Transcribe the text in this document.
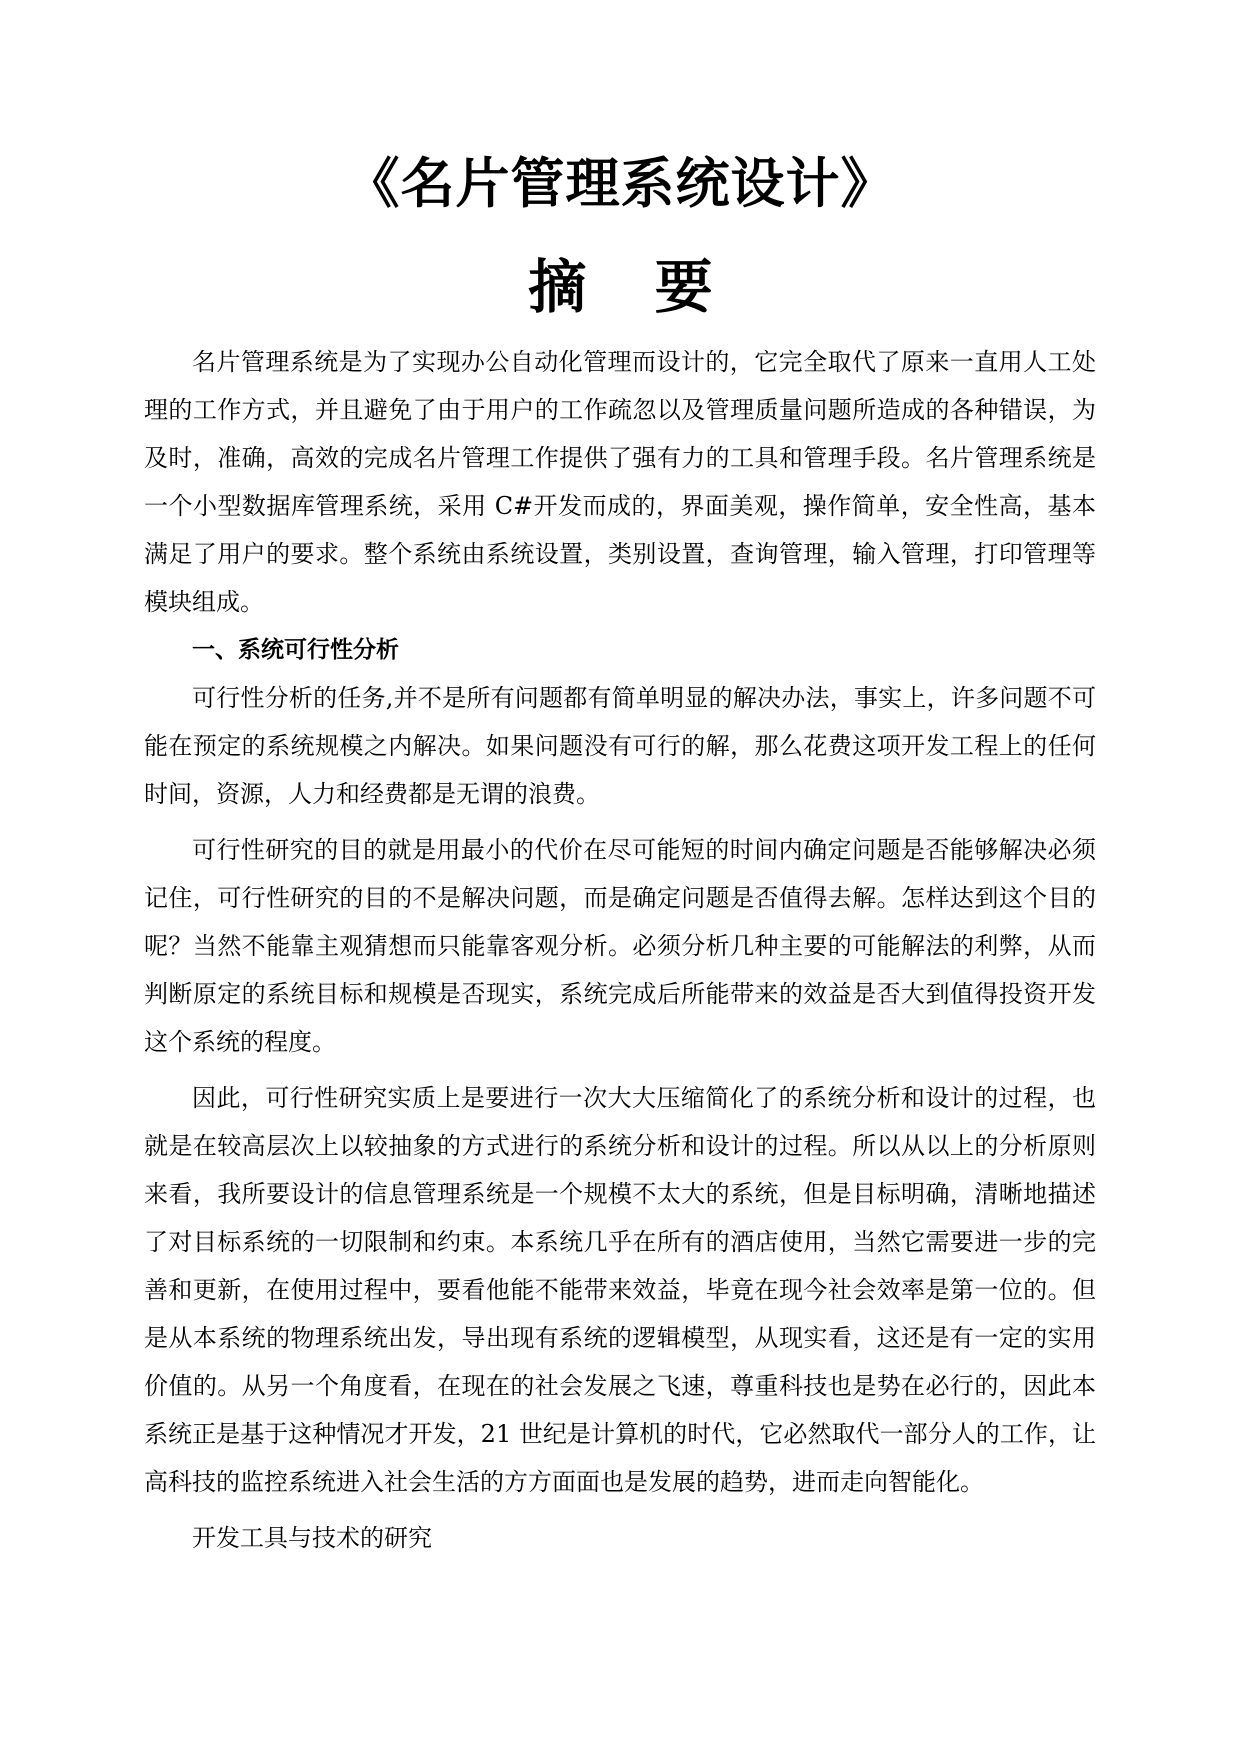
《名片管理系统设计》
摘 要

名片管理系统是为了实现办公自动化管理而设计的，它完全取代了原来一直用人工处理的工作方式，并且避免了由于用户的工作疏忽以及管理质量问题所造成的各种错误，为及时，准确，高效的完成名片管理工作提供了强有力的工具和管理手段。名片管理系统是一个小型数据库管理系统，采用 C#开发而成的，界面美观，操作简单，安全性高，基本满足了用户的要求。整个系统由系统设置，类别设置，查询管理，输入管理，打印管理等模块组成。

一、系统可行性分析

可行性分析的任务,并不是所有问题都有简单明显的解决办法，事实上，许多问题不可能在预定的系统规模之内解决。如果问题没有可行的解，那么花费这项开发工程上的任何时间，资源，人力和经费都是无谓的浪费。

可行性研究的目的就是用最小的代价在尽可能短的时间内确定问题是否能够解决必须记住，可行性研究的目的不是解决问题，而是确定问题是否值得去解。怎样达到这个目的呢？当然不能靠主观猜想而只能靠客观分析。必须分析几种主要的可能解法的利弊，从而判断原定的系统目标和规模是否现实，系统完成后所能带来的效益是否大到值得投资开发这个系统的程度。

因此，可行性研究实质上是要进行一次大大压缩简化了的系统分析和设计的过程，也就是在较高层次上以较抽象的方式进行的系统分析和设计的过程。所以从以上的分析原则来看，我所要设计的信息管理系统是一个规模不太大的系统，但是目标明确，清晰地描述了对目标系统的一切限制和约束。本系统几乎在所有的酒店使用，当然它需要进一步的完善和更新，在使用过程中，要看他能不能带来效益，毕竟在现今社会效率是第一位的。但是从本系统的物理系统出发，导出现有系统的逻辑模型，从现实看，这还是有一定的实用价值的。从另一个角度看，在现在的社会发展之飞速，尊重科技也是势在必行的，因此本系统正是基于这种情况才开发，21 世纪是计算机的时代，它必然取代一部分人的工作，让高科技的监控系统进入社会生活的方方面面也是发展的趋势，进而走向智能化。

开发工具与技术的研究
